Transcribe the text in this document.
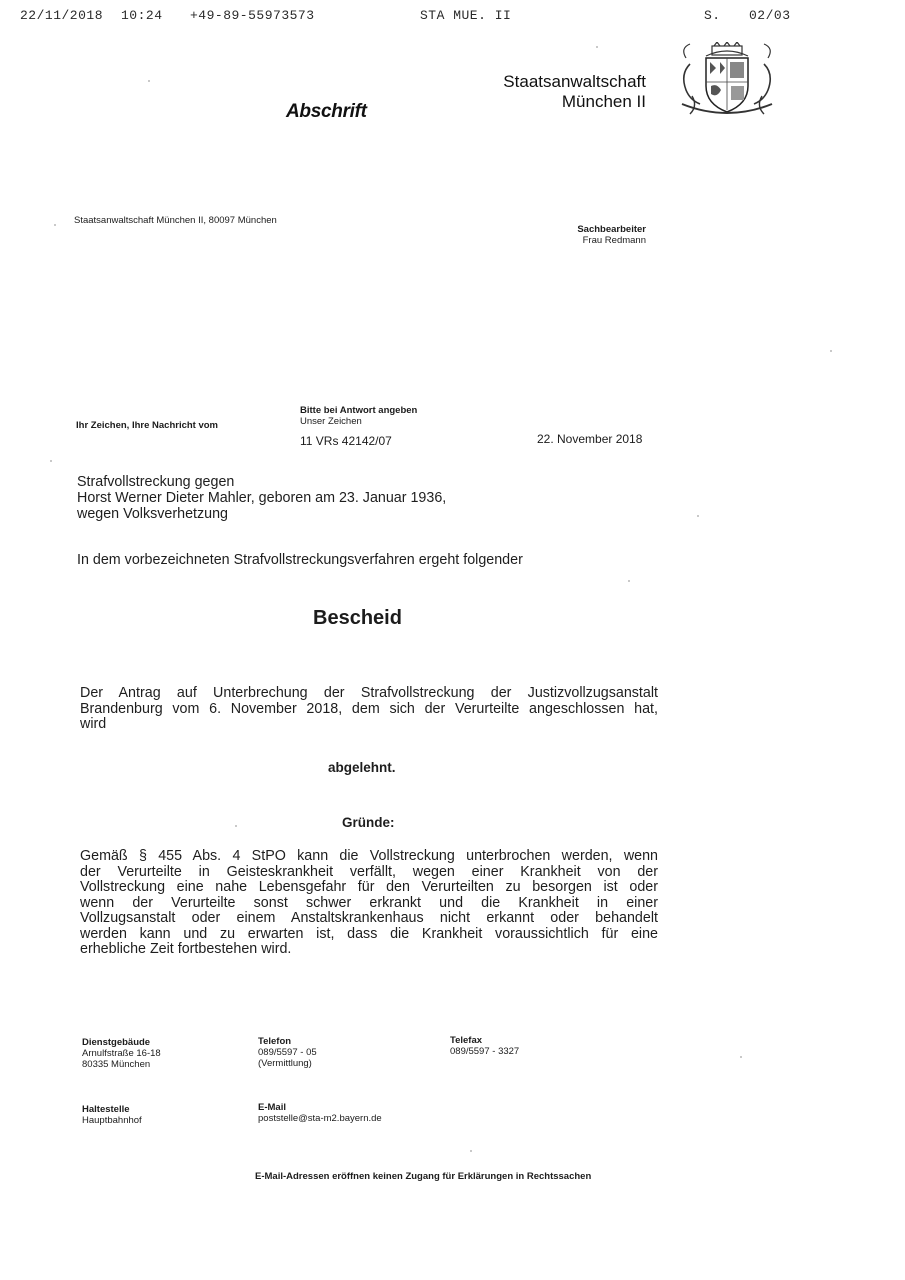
22/11/2018 10:24 +49-89-55973573	STA MUE. II	S. 02/03
Abschrift
Staatsanwaltschaft
München II
Staatsanwaltschaft München II, 80097 München
Sachbearbeiter
Frau Redmann
Ihr Zeichen, Ihre Nachricht vom
Bitte bei Antwort angeben
Unser Zeichen
11 VRs 42142/07	22. November 2018
Strafvollstreckung gegen
Horst Werner Dieter Mahler, geboren am 23. Januar 1936,
wegen Volksverhetzung
In dem vorbezeichneten Strafvollstreckungsverfahren ergeht folgender
Bescheid
Der Antrag auf Unterbrechung der Strafvollstreckung der Justizvollzugsanstalt
Brandenburg vom 6. November 2018, dem sich der Verurteilte angeschlossen hat,
wird
abgelehnt.
Gründe:
Gemäß § 455 Abs. 4 StPO kann die Vollstreckung unterbrochen werden, wenn
der Verurteilte in Geisteskrankheit verfällt, wegen einer Krankheit von der
Vollstreckung eine nahe Lebensgefahr für den Verurteilten zu besorgen ist oder
wenn der Verurteilte sonst schwer erkrankt und die Krankheit in einer
Vollzugsanstalt oder einem Anstaltskrankenhaus nicht erkannt oder behandelt
werden kann und zu erwarten ist, dass die Krankheit voraussichtlich für eine
erhebliche Zeit fortbestehen wird.
Dienstgebäude
Arnulfstraße 16-18
80335 München
Telefon
089/5597 - 05
(Vermittlung)
Telefax
089/5597 - 3327
Haltestelle
Hauptbahnhof
E-Mail
poststelle@sta-m2.bayern.de
E-Mail-Adressen eröffnen keinen Zugang für Erklärungen in Rechtssachen
